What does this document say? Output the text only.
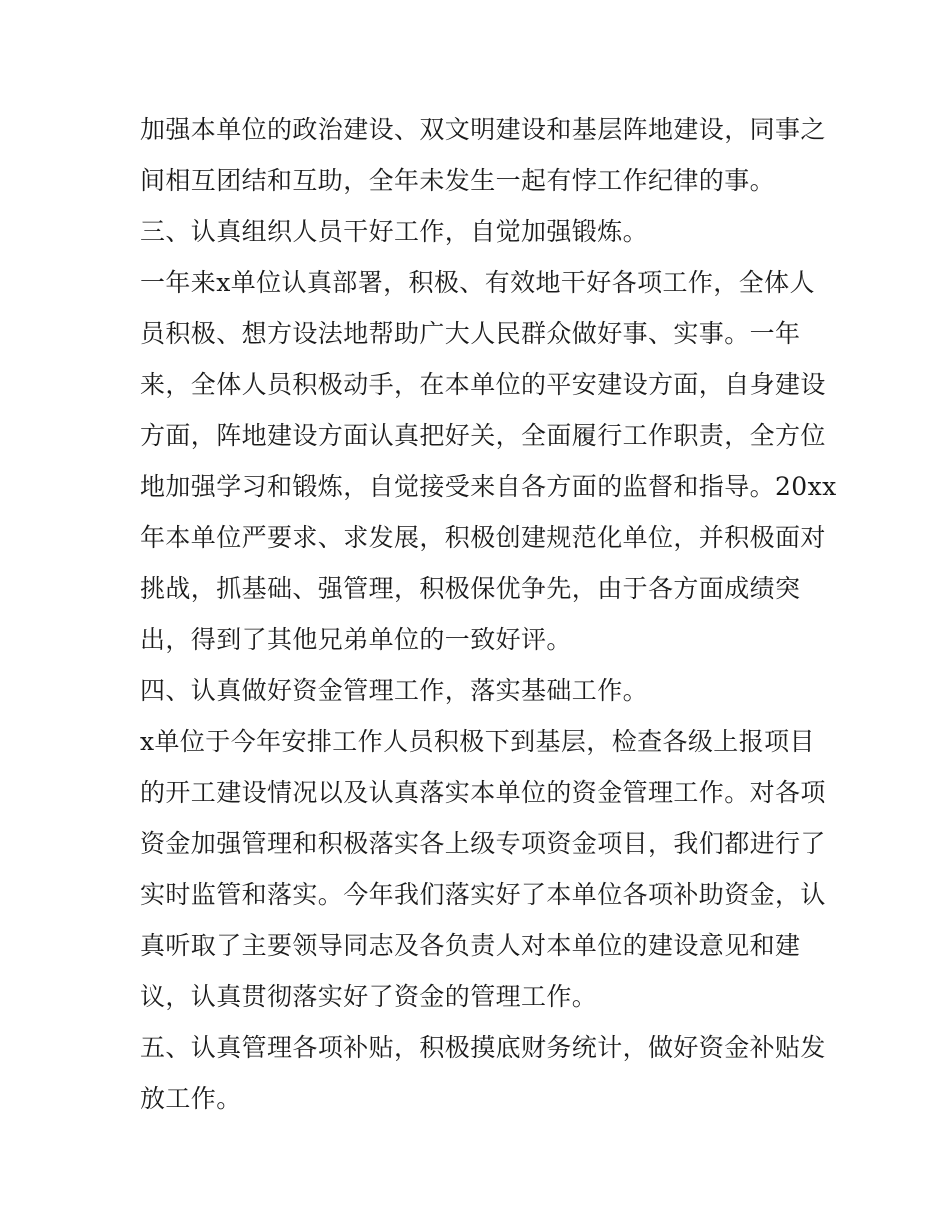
加强本单位的政治建设、双文明建设和基层阵地建设，同事之
间相互团结和互助，全年未发生一起有悖工作纪律的事。
三、认真组织人员干好工作，自觉加强锻炼。
一年来x单位认真部署，积极、有效地干好各项工作，全体人
员积极、想方设法地帮助广大人民群众做好事、实事。一年
来，全体人员积极动手，在本单位的平安建设方面，自身建设
方面，阵地建设方面认真把好关，全面履行工作职责，全方位
地加强学习和锻炼，自觉接受来自各方面的监督和指导。20xx
年本单位严要求、求发展，积极创建规范化单位，并积极面对
挑战，抓基础、强管理，积极保优争先，由于各方面成绩突
出，得到了其他兄弟单位的一致好评。
四、认真做好资金管理工作，落实基础工作。
x单位于今年安排工作人员积极下到基层，检查各级上报项目
的开工建设情况以及认真落实本单位的资金管理工作。对各项
资金加强管理和积极落实各上级专项资金项目，我们都进行了
实时监管和落实。今年我们落实好了本单位各项补助资金，认
真听取了主要领导同志及各负责人对本单位的建设意见和建
议，认真贯彻落实好了资金的管理工作。
五、认真管理各项补贴，积极摸底财务统计，做好资金补贴发
放工作。
